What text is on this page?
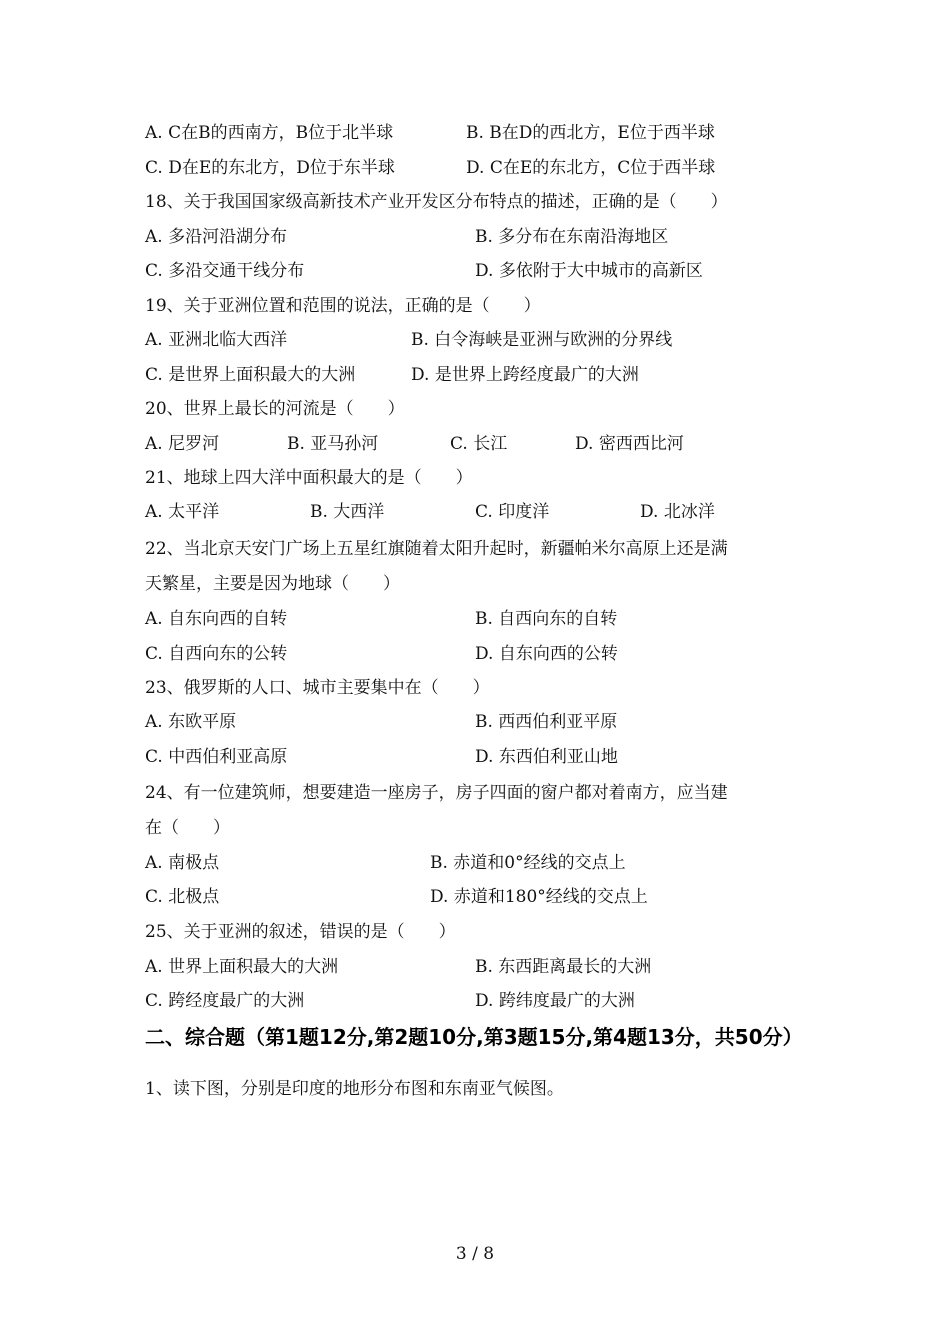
A. C在B的西南方，B位于北半球	B. B在D的西北方，E位于西半球
C. D在E的东北方，D位于东半球	D. C在E的东北方，C位于西半球
18、关于我国国家级高新技术产业开发区分布特点的描述，正确的是（　　）
A. 多沿河沿湖分布	B. 多分布在东南沿海地区
C. 多沿交通干线分布	D. 多依附于大中城市的高新区
19、关于亚洲位置和范围的说法，正确的是（　　）
A. 亚洲北临大西洋	B. 白令海峡是亚洲与欧洲的分界线
C. 是世界上面积最大的大洲	D. 是世界上跨经度最广的大洲
20、世界上最长的河流是（　　）
A. 尼罗河	B. 亚马孙河	C. 长江	D. 密西西比河
21、地球上四大洋中面积最大的是（　　）
A. 太平洋	B. 大西洋	C. 印度洋	D. 北冰洋
22、当北京天安门广场上五星红旗随着太阳升起时，新疆帕米尔高原上还是满
天繁星，主要是因为地球（　　）
A. 自东向西的自转	B. 自西向东的自转
C. 自西向东的公转	D. 自东向西的公转
23、俄罗斯的人口、城市主要集中在（　　）
A. 东欧平原	B. 西西伯利亚平原
C. 中西伯利亚高原	D. 东西伯利亚山地
24、有一位建筑师，想要建造一座房子，房子四面的窗户都对着南方，应当建
在（　　）
A. 南极点	B. 赤道和0°经线的交点上
C. 北极点	D. 赤道和180°经线的交点上
25、关于亚洲的叙述，错误的是（　　）
A. 世界上面积最大的大洲	B. 东西距离最长的大洲
C. 跨经度最广的大洲	D. 跨纬度最广的大洲
二、综合题（第1题12分,第2题10分,第3题15分,第4题13分，共50分）
1、读下图，分别是印度的地形分布图和东南亚气候图。
3 / 8
